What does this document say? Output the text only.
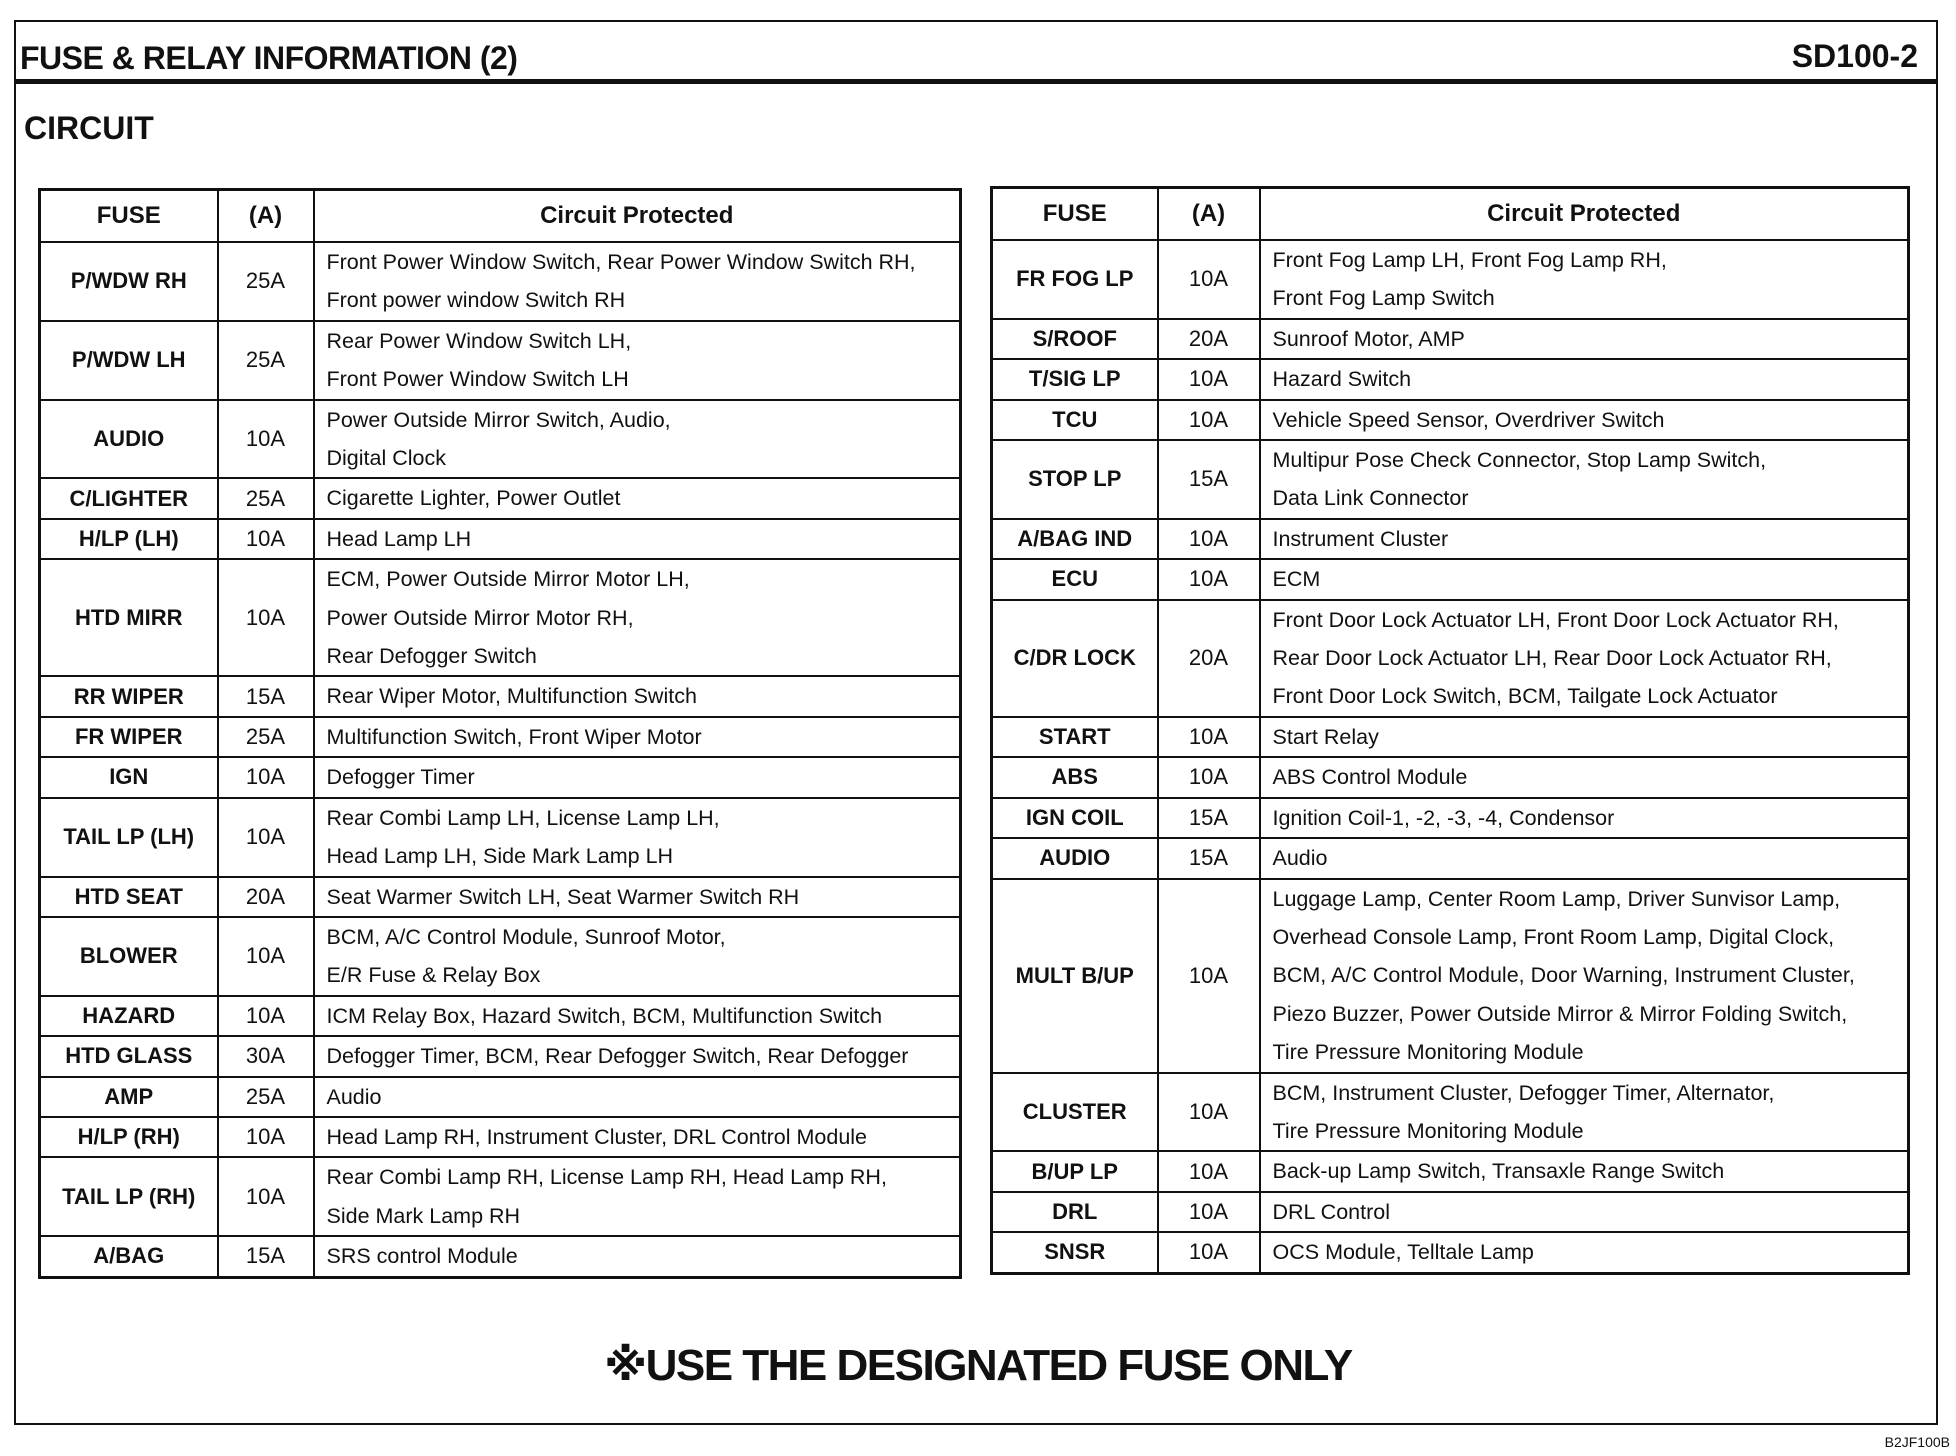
FUSE & RELAY INFORMATION (2)	SD100-2
CIRCUIT
FUSE	(A)	Circuit Protected
P/WDW RH	25A	Front Power Window Switch, Rear Power Window Switch RH,
Front power window Switch RH
P/WDW LH	25A	Rear Power Window Switch LH,
Front Power Window Switch LH
AUDIO	10A	Power Outside Mirror Switch, Audio,
Digital Clock
C/LIGHTER	25A	Cigarette Lighter, Power Outlet
H/LP (LH)	10A	Head Lamp LH
HTD MIRR	10A	ECM, Power Outside Mirror Motor LH,
Power Outside Mirror Motor RH,
Rear Defogger Switch
RR WIPER	15A	Rear Wiper Motor, Multifunction Switch
FR WIPER	25A	Multifunction Switch, Front Wiper Motor
IGN	10A	Defogger Timer
TAIL LP (LH)	10A	Rear Combi Lamp LH, License Lamp LH,
Head Lamp LH, Side Mark Lamp LH
HTD SEAT	20A	Seat Warmer Switch LH, Seat Warmer Switch RH
BLOWER	10A	BCM, A/C Control Module, Sunroof Motor,
E/R Fuse & Relay Box
HAZARD	10A	ICM Relay Box, Hazard Switch, BCM, Multifunction Switch
HTD GLASS	30A	Defogger Timer, BCM, Rear Defogger Switch, Rear Defogger
AMP	25A	Audio
H/LP (RH)	10A	Head Lamp RH, Instrument Cluster, DRL Control Module
TAIL LP (RH)	10A	Rear Combi Lamp RH, License Lamp RH, Head Lamp RH,
Side Mark Lamp RH
A/BAG	15A	SRS control Module
FUSE	(A)	Circuit Protected
FR FOG LP	10A	Front Fog Lamp LH, Front Fog Lamp RH,
Front Fog Lamp Switch
S/ROOF	20A	Sunroof Motor, AMP
T/SIG LP	10A	Hazard Switch
TCU	10A	Vehicle Speed Sensor, Overdriver Switch
STOP LP	15A	Multipur Pose Check Connector, Stop Lamp Switch,
Data Link Connector
A/BAG IND	10A	Instrument Cluster
ECU	10A	ECM
C/DR LOCK	20A	Front Door Lock Actuator LH, Front Door Lock Actuator RH,
Rear Door Lock Actuator LH, Rear Door Lock Actuator RH,
Front Door Lock Switch, BCM, Tailgate Lock Actuator
START	10A	Start Relay
ABS	10A	ABS Control Module
IGN COIL	15A	Ignition Coil-1, -2, -3, -4, Condensor
AUDIO	15A	Audio
MULT B/UP	10A	Luggage Lamp, Center Room Lamp, Driver Sunvisor Lamp,
Overhead Console Lamp, Front Room Lamp, Digital Clock,
BCM, A/C Control Module, Door Warning, Instrument Cluster,
Piezo Buzzer, Power Outside Mirror & Mirror Folding Switch,
Tire Pressure Monitoring Module
CLUSTER	10A	BCM, Instrument Cluster, Defogger Timer, Alternator,
Tire Pressure Monitoring Module
B/UP LP	10A	Back-up Lamp Switch, Transaxle Range Switch
DRL	10A	DRL Control
SNSR	10A	OCS Module, Telltale Lamp
※USE THE DESIGNATED FUSE ONLY
B2JF100B
